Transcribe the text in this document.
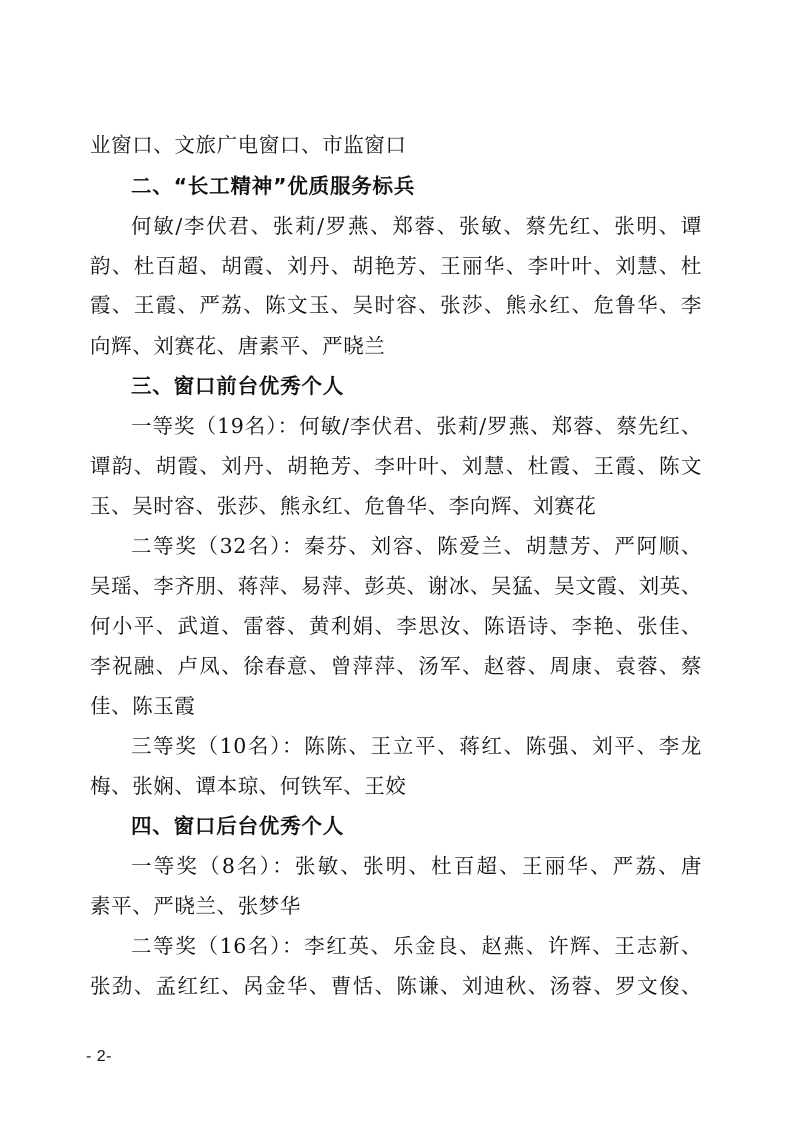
业窗口、文旅广电窗口、市监窗口
二、“长工精神”优质服务标兵
何敏/李伏君、张莉/罗燕、郑蓉、张敏、蔡先红、张明、谭
韵、杜百超、胡霞、刘丹、胡艳芳、王丽华、李叶叶、刘慧、杜
霞、王霞、严荔、陈文玉、吴时容、张莎、熊永红、危鲁华、李
向辉、刘赛花、唐素平、严晓兰
三、窗口前台优秀个人
一等奖（19名）：何敏/李伏君、张莉/罗燕、郑蓉、蔡先红、
谭韵、胡霞、刘丹、胡艳芳、李叶叶、刘慧、杜霞、王霞、陈文
玉、吴时容、张莎、熊永红、危鲁华、李向辉、刘赛花
二等奖（32名）：秦芬、刘容、陈爱兰、胡慧芳、严阿顺、
吴瑶、李齐朋、蒋萍、易萍、彭英、谢冰、吴猛、吴文霞、刘英、
何小平、武道、雷蓉、黄利娟、李思汝、陈语诗、李艳、张佳、
李祝融、卢凤、徐春意、曾萍萍、汤军、赵蓉、周康、袁蓉、蔡
佳、陈玉霞
三等奖（10名）：陈陈、王立平、蒋红、陈强、刘平、李龙
梅、张娴、谭本琼、何铁军、王姣
四、窗口后台优秀个人
一等奖（8名）：张敏、张明、杜百超、王丽华、严荔、唐
素平、严晓兰、张梦华
二等奖（16名）：李红英、乐金良、赵燕、许辉、王志新、
张劲、孟红红、呙金华、曹恬、陈谦、刘迪秋、汤蓉、罗文俊、
- 2-
